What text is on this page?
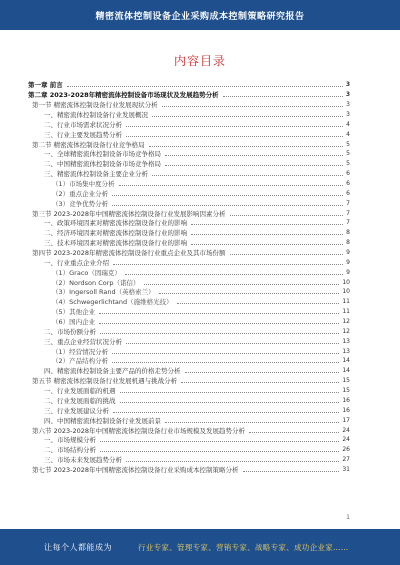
精密流体控制设备企业采购成本控制策略研究报告
内容目录
第一章 前言	3
第二章 2023-2028年精密流体控制设备市场现状及发展趋势分析	3
第一节 精密流体控制设备行业发展现状分析	3
一、精密流体控制设备行业发展概况	3
二、行业市场需求状况分析	4
三、行业主要发展趋势分析	4
第二节 精密流体控制设备行业竞争格局	5
一、全球精密流体控制设备市场竞争格局	5
二、中国精密流体控制设备市场竞争格局	5
三、精密流体控制设备主要企业分析	6
（1）市场集中度分析	6
（2）重点企业分析	6
（3）竞争优势分析	7
第三节 2023-2028年中国精密流体控制设备行业发展影响因素分析	7
一、政策环境因素对精密流体控制设备行业的影响	7
二、经济环境因素对精密流体控制设备行业的影响	8
三、技术环境因素对精密流体控制设备行业的影响	8
第四节 2023-2028年精密流体控制设备行业重点企业及其市场份额	9
一、行业重点企业介绍	9
（1）Graco（固瑞克）	9
（2）Nordson Corp（诺信）	10
（3）Ingersoll Rand（英格索兰）	10
（4）Schwegerlichtand（施维格光技）	11
（5）其他企业	11
（6）国内企业	12
二、市场份额分析	12
三、重点企业经营状况分析	13
（1）经营情况分析	13
（2）产品结构分析	14
四、精密流体控制设备主要产品的价格走势分析	14
第五节 精密流体控制设备行业发展机遇与挑战分析	15
一、行业发展面临的机遇	15
二、行业发展面临的挑战	16
三、行业发展建议分析	16
四、中国精密流体控制设备行业发展前景	17
第六节 2023-2028年中国精密流体控制设备行业市场规模及发展趋势分析	24
一、市场规模分析	24
二、市场结构分析	26
三、市场未来发展趋势分析	27
第七节 2023-2028年中国精密流体控制设备行业采购成本控制策略分析	31
1
让每个人都能成为	行业专家、管理专家、营销专家、战略专家、成功企业家……
